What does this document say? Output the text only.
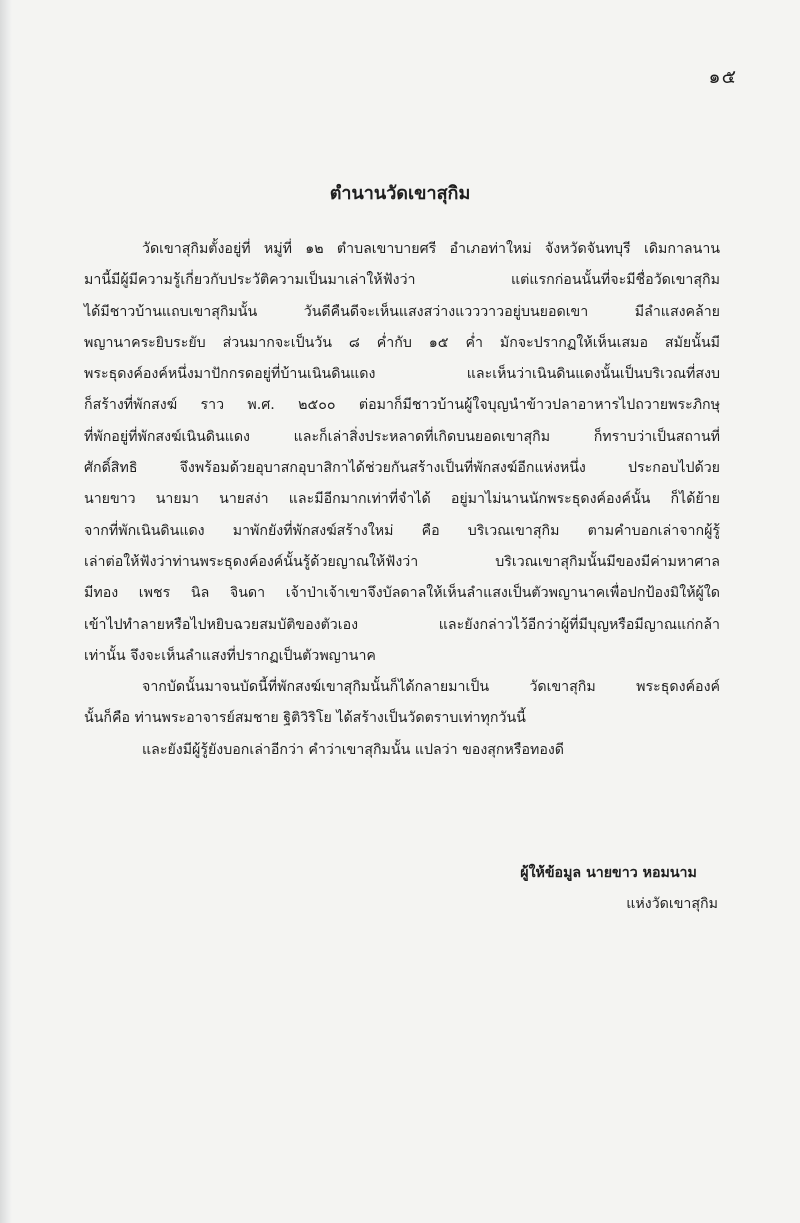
๑๕
ตำนานวัดเขาสุกิม
วัดเขาสุกิมตั้งอยู่ที่ หมู่ที่ ๑๒ ตำบลเขาบายศรี อำเภอท่าใหม่ จังหวัดจันทบุรี เดิมกาลนาน
มานี้มีผู้มีความรู้เกี่ยวกับประวัติความเป็นมาเล่าให้ฟังว่า แต่แรกก่อนนั้นที่จะมีชื่อวัดเขาสุกิม
ได้มีชาวบ้านแถบเขาสุกิมนั้น วันดีคืนดีจะเห็นแสงสว่างแวววาวอยู่บนยอดเขา มีลำแสงคล้าย
พญานาคระยิบระยับ ส่วนมากจะเป็นวัน ๘ ค่ำกับ ๑๕ ค่ำ มักจะปรากฏให้เห็นเสมอ สมัยนั้นมี
พระธุดงค์องค์หนึ่งมาปักกรดอยู่ที่บ้านเนินดินแดง และเห็นว่าเนินดินแดงนั้นเป็นบริเวณที่สงบ
ก็สร้างที่พักสงฆ์ ราว พ.ศ. ๒๕๐๐ ต่อมาก็มีชาวบ้านผู้ใจบุญนำข้าวปลาอาหารไปถวายพระภิกษุ
ที่พักอยู่ที่พักสงฆ์เนินดินแดง และก็เล่าสิ่งประหลาดที่เกิดบนยอดเขาสุกิม ก็ทราบว่าเป็นสถานที่
ศักดิ์สิทธิ จึงพร้อมด้วยอุบาสกอุบาสิกาได้ช่วยกันสร้างเป็นที่พักสงฆ์อีกแห่งหนึ่ง ประกอบไปด้วย
นายขาว นายมา นายสง่า และมีอีกมากเท่าที่จำได้ อยู่มาไม่นานนักพระธุดงค์องค์นั้น ก็ได้ย้าย
จากที่พักเนินดินแดง มาพักยังที่พักสงฆ์สร้างใหม่ คือ บริเวณเขาสุกิม ตามคำบอกเล่าจากผู้รู้
เล่าต่อให้ฟังว่าท่านพระธุดงค์องค์นั้นรู้ด้วยญาณให้ฟังว่า บริเวณเขาสุกิมนั้นมีของมีค่ามหาศาล
มีทอง เพชร นิล จินดา เจ้าป่าเจ้าเขาจึงบัลดาลให้เห็นลำแสงเป็นตัวพญานาคเพื่อปกป้องมิให้ผู้ใด
เข้าไปทำลายหรือไปหยิบฉวยสมบัติของตัวเอง และยังกล่าวไว้อีกว่าผู้ที่มีบุญหรือมีญาณแก่กล้า
เท่านั้น จึงจะเห็นลำแสงที่ปรากฏเป็นตัวพญานาค
จากบัดนั้นมาจนบัดนี้ที่พักสงฆ์เขาสุกิมนั้นก็ได้กลายมาเป็น วัดเขาสุกิม พระธุดงค์องค์
นั้นก็คือ ท่านพระอาจารย์สมชาย ฐิติวิริโย ได้สร้างเป็นวัดตราบเท่าทุกวันนี้
และยังมีผู้รู้ยังบอกเล่าอีกว่า คำว่าเขาสุกิมนั้น แปลว่า ของสุกหรือทองดี
ผู้ให้ข้อมูล นายขาว หอมนาม
แห่งวัดเขาสุกิม
